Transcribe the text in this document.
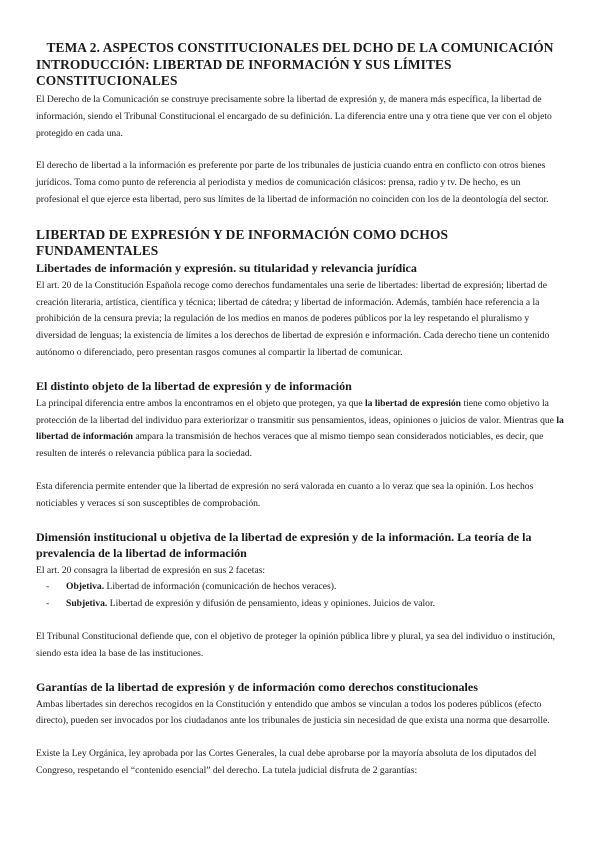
TEMA 2. ASPECTOS CONSTITUCIONALES DEL DCHO DE LA COMUNICACIÓN
INTRODUCCIÓN: LIBERTAD DE INFORMACIÓN Y SUS LÍMITES CONSTITUCIONALES

El Derecho de la Comunicación se construye precisamente sobre la libertad de expresión y, de manera más específica, la libertad de información, siendo el Tribunal Constitucional el encargado de su definición. La diferencia entre una y otra tiene que ver con el objeto protegido en cada una.

El derecho de libertad a la información es preferente por parte de los tribunales de justicia cuando entra en conflicto con otros bienes jurídicos. Toma como punto de referencia al periodista y medios de comunicación clásicos: prensa, radio y tv. De hecho, es un profesional el que ejerce esta libertad, pero sus límites de la libertad de información no coinciden con los de la deontología del sector.

LIBERTAD DE EXPRESIÓN Y DE INFORMACIÓN COMO DCHOS FUNDAMENTALES
Libertades de información y expresión. su titularidad y relevancia jurídica

El art. 20 de la Constitución Española recoge como derechos fundamentales una serie de libertades: libertad de expresión; libertad de creación literaria, artística, científica y técnica; libertad de cátedra; y libertad de información. Además, también hace referencia a la prohibición de la censura previa; la regulación de los medios en manos de poderes públicos por la ley respetando el pluralismo y diversidad de lenguas; la existencia de límites a los derechos de libertad de expresión e información. Cada derecho tiene un contenido autónomo o diferenciado, pero presentan rasgos comunes al compartir la libertad de comunicar.

El distinto objeto de la libertad de expresión y de información

La principal diferencia entre ambos la encontramos en el objeto que protegen, ya que la libertad de expresión tiene como objetivo la protección de la libertad del individuo para exteriorizar o transmitir sus pensamientos, ideas, opiniones o juicios de valor. Mientras que la libertad de información ampara la transmisión de hechos veraces que al mismo tiempo sean considerados noticiables, es decir, que resulten de interés o relevancia pública para la sociedad.

Esta diferencia permite entender que la libertad de expresión no será valorada en cuanto a lo veraz que sea la opinión. Los hechos noticiables y veraces sí son susceptibles de comprobación.

Dimensión institucional u objetiva de la libertad de expresión y de la información. La teoría de la prevalencia de la libertad de información

El art. 20 consagra la libertad de expresión en sus 2 facetas:

- Objetiva. Libertad de información (comunicación de hechos veraces).
- Subjetiva. Libertad de expresión y difusión de pensamiento, ideas y opiniones. Juicios de valor.

El Tribunal Constitucional defiende que, con el objetivo de proteger la opinión pública libre y plural, ya sea del individuo o institución, siendo esta idea la base de las instituciones.

Garantías de la libertad de expresión y de información como derechos constitucionales

Ambas libertades sin derechos recogidos en la Constitución y entendido que ambos se vinculan a todos los poderes públicos (efecto directo), pueden ser invocados por los ciudadanos ante los tribunales de justicia sin necesidad de que exista una norma que desarrolle.

Existe la Ley Orgánica, ley aprobada por las Cortes Generales, la cual debe aprobarse por la mayoría absoluta de los diputados del Congreso, respetando el “contenido esencial” del derecho. La tutela judicial disfruta de 2 garantías:
